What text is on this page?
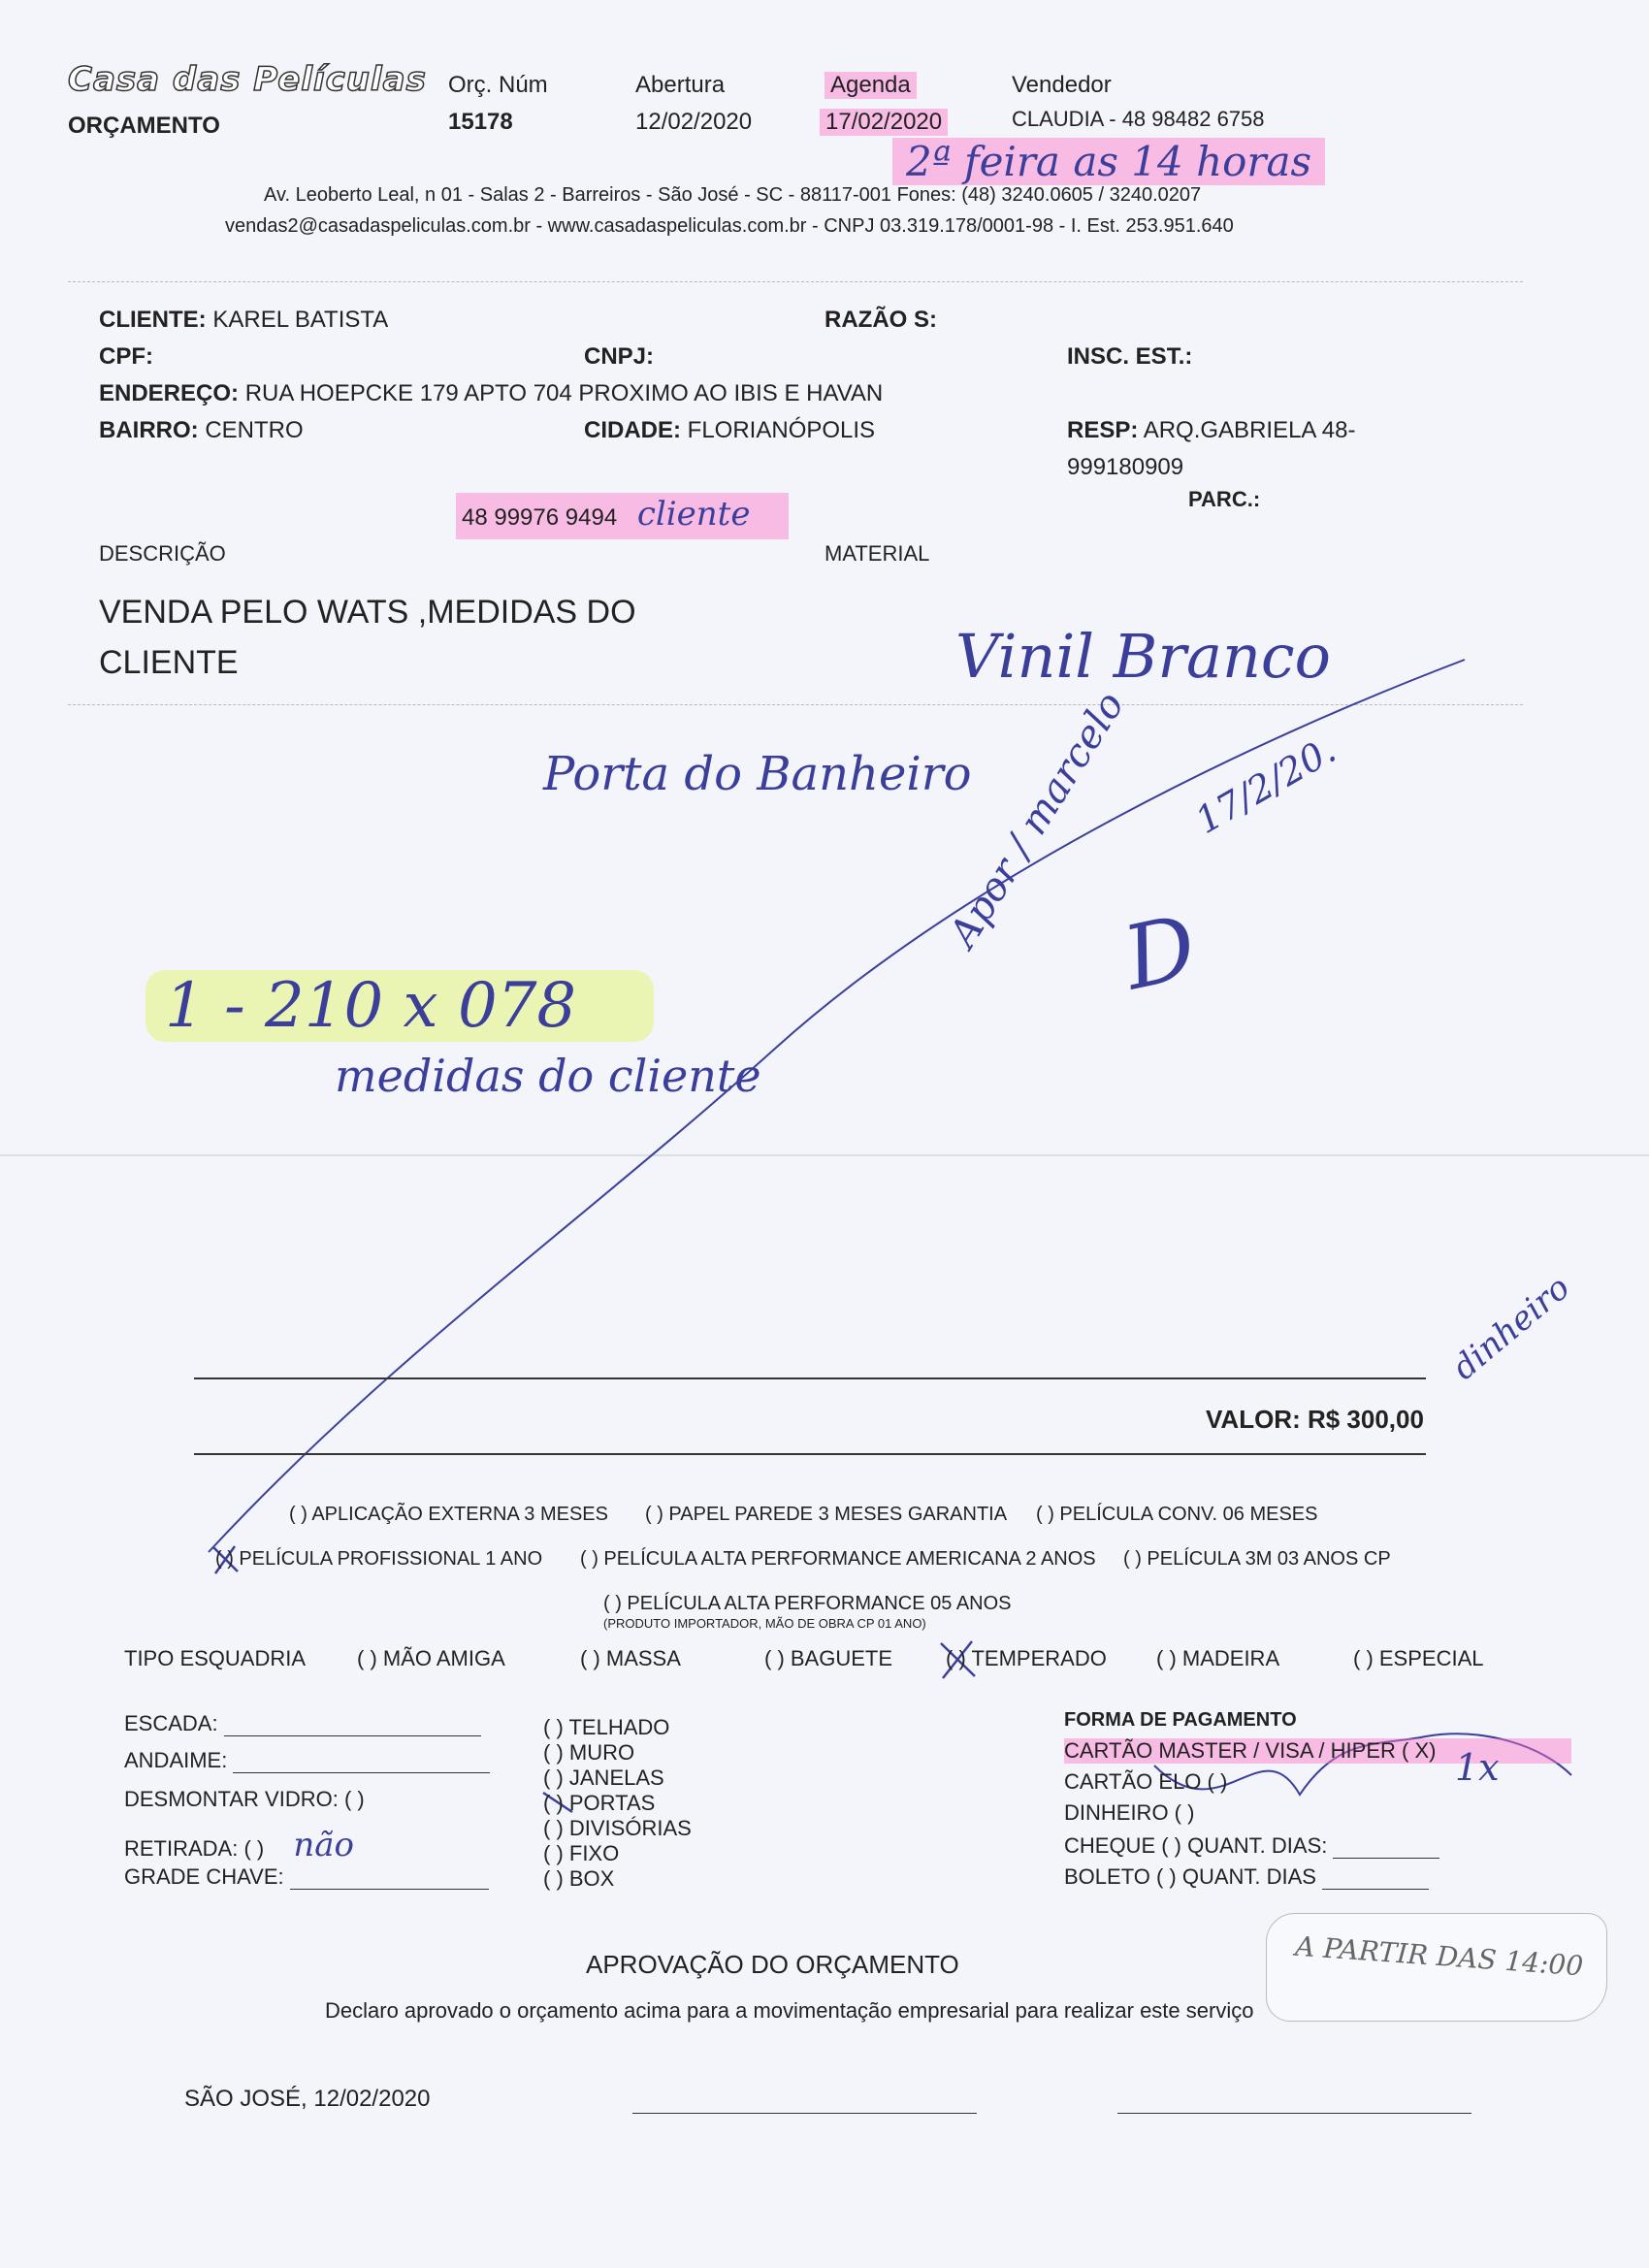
Casa das Películas
ORÇAMENTO
Orç. Núm
15178
Abertura
12/02/2020
Agenda
17/02/2020
Vendedor
CLAUDIA - 48 98482 6758
2ª feira as 14 horas
Av. Leoberto Leal, n 01 - Salas 2 - Barreiros - São José - SC - 88117-001 Fones: (48) 3240.0605 / 3240.0207
vendas2@casadaspeliculas.com.br - www.casadaspeliculas.com.br - CNPJ 03.319.178/0001-98 - I. Est. 253.951.640
CLIENTE: KAREL BATISTA	RAZÃO S:
CPF:	CNPJ:	INSC. EST.:
ENDEREÇO: RUA HOEPCKE 179 APTO 704 PROXIMO AO IBIS E HAVAN
BAIRRO: CENTRO	CIDADE: FLORIANÓPOLIS	RESP: ARQ.GABRIELA 48-
999180909
PARC.:
48 99976 9494 cliente
DESCRIÇÃO	MATERIAL
VENDA PELO WATS ,MEDIDAS DO
CLIENTE	Vinil Branco
Porta do Banheiro
Apor / marcelo 17/2/20.
D
1 - 210 x 078
medidas do cliente
VALOR: R$ 300,00
dinheiro
( ) APLICAÇÃO EXTERNA 3 MESES ( ) PAPEL PAREDE 3 MESES GARANTIA ( ) PELÍCULA CONV. 06 MESES
( ) PELÍCULA PROFISSIONAL 1 ANO ( ) PELÍCULA ALTA PERFORMANCE AMERICANA 2 ANOS ( ) PELÍCULA 3M 03 ANOS CP
( ) PELÍCULA ALTA PERFORMANCE 05 ANOS
(PRODUTO IMPORTADOR, MÃO DE OBRA CP 01 ANO)
TIPO ESQUADRIA ( ) MÃO AMIGA	( ) MASSA	( ) BAGUETE ( ) TEMPERADO ( ) MADEIRA	( ) ESPECIAL
ESCADA:
ANDAIME:
DESMONTAR VIDRO: ( )
RETIRADA: ( ) não
GRADE CHAVE:
( ) TELHADO
( ) MURO
( ) JANELAS
( ) PORTAS
( ) DIVISÓRIAS
( ) FIXO
( ) BOX
FORMA DE PAGAMENTO
CARTÃO MASTER / VISA / HIPER ( X)
CARTÃO ELO ( )
DINHEIRO ( )
CHEQUE ( ) QUANT. DIAS:
BOLETO ( ) QUANT. DIAS
1x
A PARTIR DAS 14:00
APROVAÇÃO DO ORÇAMENTO
Declaro aprovado o orçamento acima para a movimentação empresarial para realizar este serviço
SÃO JOSÉ, 12/02/2020
